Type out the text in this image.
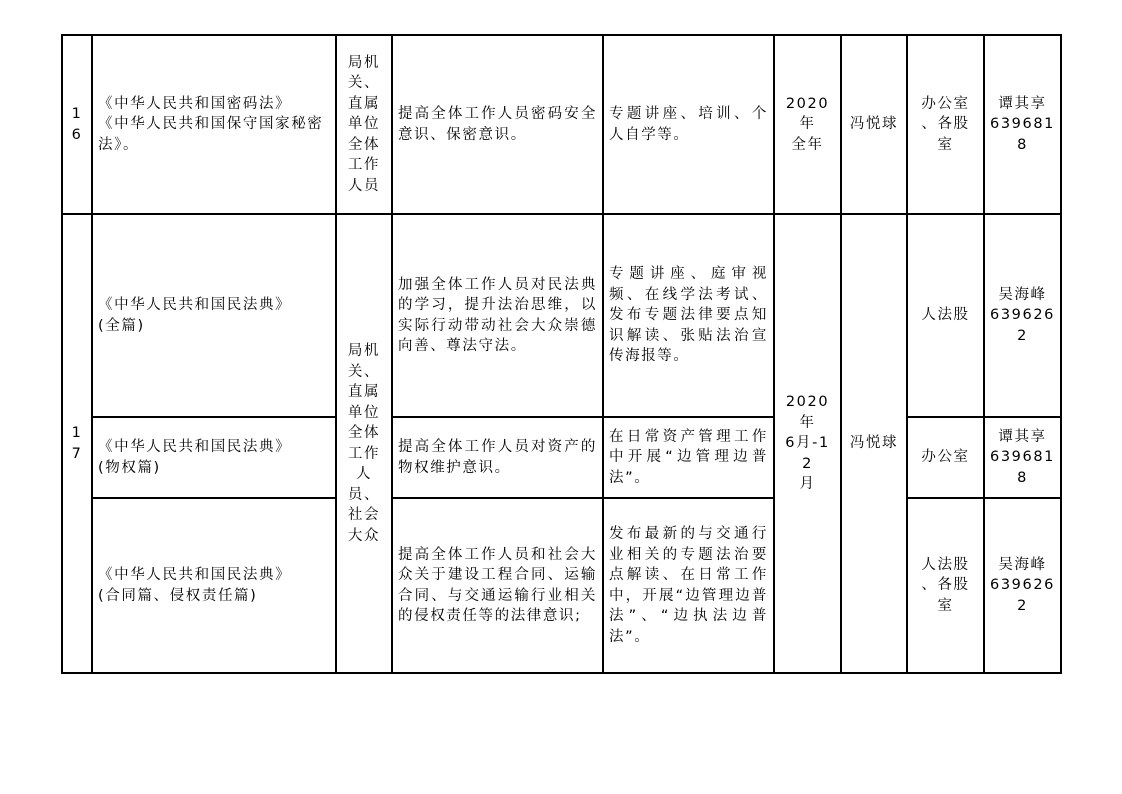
16	《中华人民共和国密码法》
《中华人民共和国保守国家秘密法》。	局机关、直属单位全体工作人员	提高全体工作人员密码安全意识、保密意识。	专题讲座、培训、个人自学等。	2020年
全年	冯悦球	办公室
、各股
室	谭其享
6396818
17	《中华人民共和国民法典》
(全篇)	局机关、直属单位全体工作人员、社会大众	加强全体工作人员对民法典的学习，提升法治思维，以实际行动带动社会大众崇德向善、尊法守法。	专题讲座、庭审视频、在线学法考试、发布专题法律要点知识解读、张贴法治宣传海报等。	2020年
6月-12
月	冯悦球	人法股	吴海峰
6396262
	《中华人民共和国民法典》
(物权篇)		提高全体工作人员对资产的物权维护意识。	在日常资产管理工作中开展“边管理边普法”。			办公室	谭其享
6396818
	《中华人民共和国民法典》
(合同篇、侵权责任篇)		提高全体工作人员和社会大众关于建设工程合同、运输合同、与交通运输行业相关的侵权责任等的法律意识;	发布最新的与交通行业相关的专题法治要点解读、在日常工作中，开展“边管理边普法”、“边执法边普法”。			人法股
、各股
室	吴海峰
6396262
